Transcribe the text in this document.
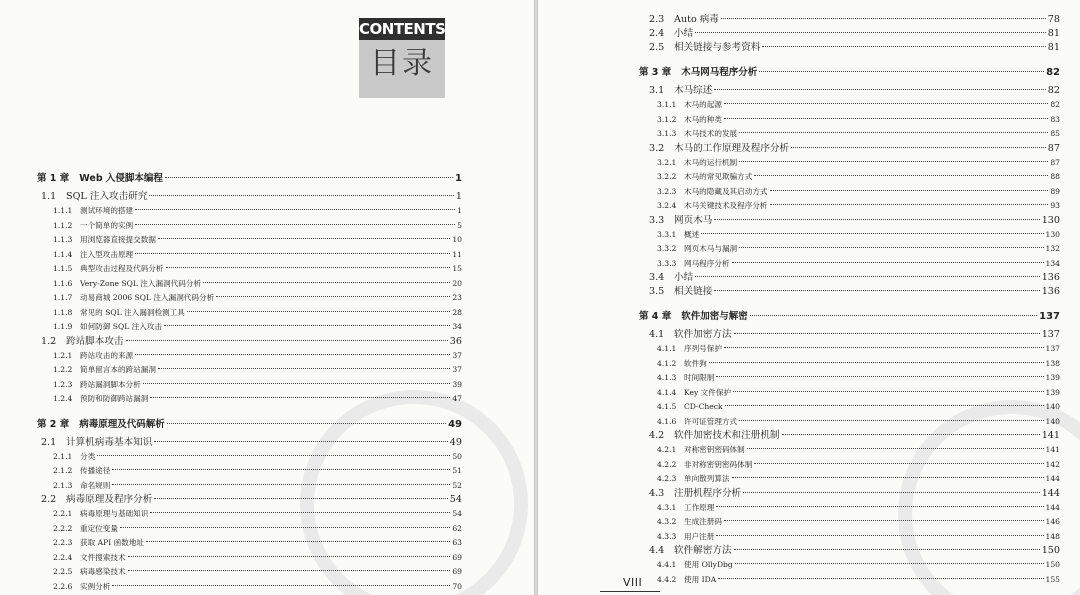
CONTENTS
目录
第 1 章 Web 入侵脚本编程	1
1.1	SQL 注入攻击研究	1
1.1.1	测试环境的搭建	1
1.1.2	一个简单的实例	5
1.1.3	用浏览器直接提交数据	10
1.1.4	注入型攻击原理	11
1.1.5	典型攻击过程及代码分析	15
1.1.6	Very-Zone SQL 注入漏洞代码分析	20
1.1.7	动易商城 2006 SQL 注入漏洞代码分析	23
1.1.8	常见的 SQL 注入漏洞检测工具	28
1.1.9	如何防御 SQL 注入攻击	34
1.2	跨站脚本攻击	36
1.2.1	跨站攻击的来源	37
1.2.2	简单留言本的跨站漏洞	37
1.2.3	跨站漏洞脚本分析	39
1.2.4	预防和防御跨站漏洞	47
第 2 章 病毒原理及代码解析	49
2.1	计算机病毒基本知识	49
2.1.1	分类	50
2.1.2	传播途径	51
2.1.3	命名规则	52
2.2	病毒原理及程序分析	54
2.2.1	病毒原理与基础知识	54
2.2.2	重定位变量	62
2.2.3	获取 API 函数地址	63
2.2.4	文件搜索技术	69
2.2.5	病毒感染技术	69
2.2.6	实例分析	70
2.3	Auto 病毒	78
2.4	小结	81
2.5	相关链接与参考资料	81
第 3 章 木马网马程序分析	82
3.1	木马综述	82
3.1.1	木马的起源	82
3.1.2	木马的种类	83
3.1.3	木马技术的发展	85
3.2	木马的工作原理及程序分析	87
3.2.1	木马的运行机制	87
3.2.2	木马的常见欺骗方式	88
3.2.3	木马的隐藏及其启动方式	89
3.2.4	木马关键技术及程序分析	93
3.3	网页木马	130
3.3.1	概述	130
3.3.2	网页木马与漏洞	132
3.3.3	网马程序分析	134
3.4	小结	136
3.5	相关链接	136
第 4 章 软件加密与解密	137
4.1	软件加密方法	137
4.1.1	序列号保护	137
4.1.2	软件狗	138
4.1.3	时间限制	139
4.1.4	Key 文件保护	139
4.1.5	CD-Check	140
4.1.6	许可证管理方式	140
4.2	软件加密技术和注册机制	141
4.2.1	对称密钥密码体制	141
4.2.2	非对称密钥密码体制	142
4.2.3	单向散列算法	144
4.3	注册机程序分析	144
4.3.1	工作原理	144
4.3.2	生成注册码	146
4.3.3	用户注册	148
4.4	软件解密方法	150
4.4.1	使用 OllyDbg	150
4.4.2	使用 IDA	155
VIII
